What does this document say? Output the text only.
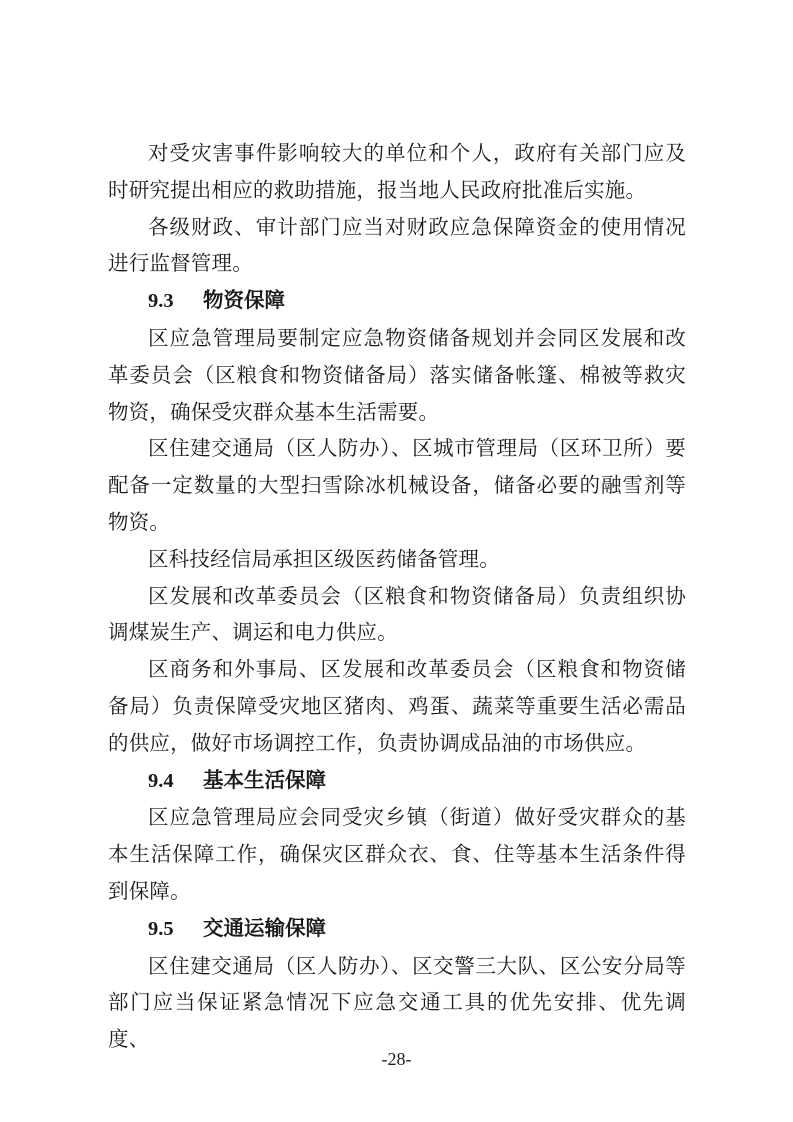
对受灾害事件影响较大的单位和个人，政府有关部门应及时研究提出相应的救助措施，报当地人民政府批准后实施。

各级财政、审计部门应当对财政应急保障资金的使用情况进行监督管理。

9.3 物资保障

区应急管理局要制定应急物资储备规划并会同区发展和改革委员会（区粮食和物资储备局）落实储备帐篷、棉被等救灾物资，确保受灾群众基本生活需要。

区住建交通局（区人防办）、区城市管理局（区环卫所）要配备一定数量的大型扫雪除冰机械设备，储备必要的融雪剂等物资。

区科技经信局承担区级医药储备管理。

区发展和改革委员会（区粮食和物资储备局）负责组织协调煤炭生产、调运和电力供应。

区商务和外事局、区发展和改革委员会（区粮食和物资储备局）负责保障受灾地区猪肉、鸡蛋、蔬菜等重要生活必需品的供应，做好市场调控工作，负责协调成品油的市场供应。

9.4 基本生活保障

区应急管理局应会同受灾乡镇（街道）做好受灾群众的基本生活保障工作，确保灾区群众衣、食、住等基本生活条件得到保障。

9.5 交通运输保障

区住建交通局（区人防办）、区交警三大队、区公安分局等部门应当保证紧急情况下应急交通工具的优先安排、优先调度、

-28-
